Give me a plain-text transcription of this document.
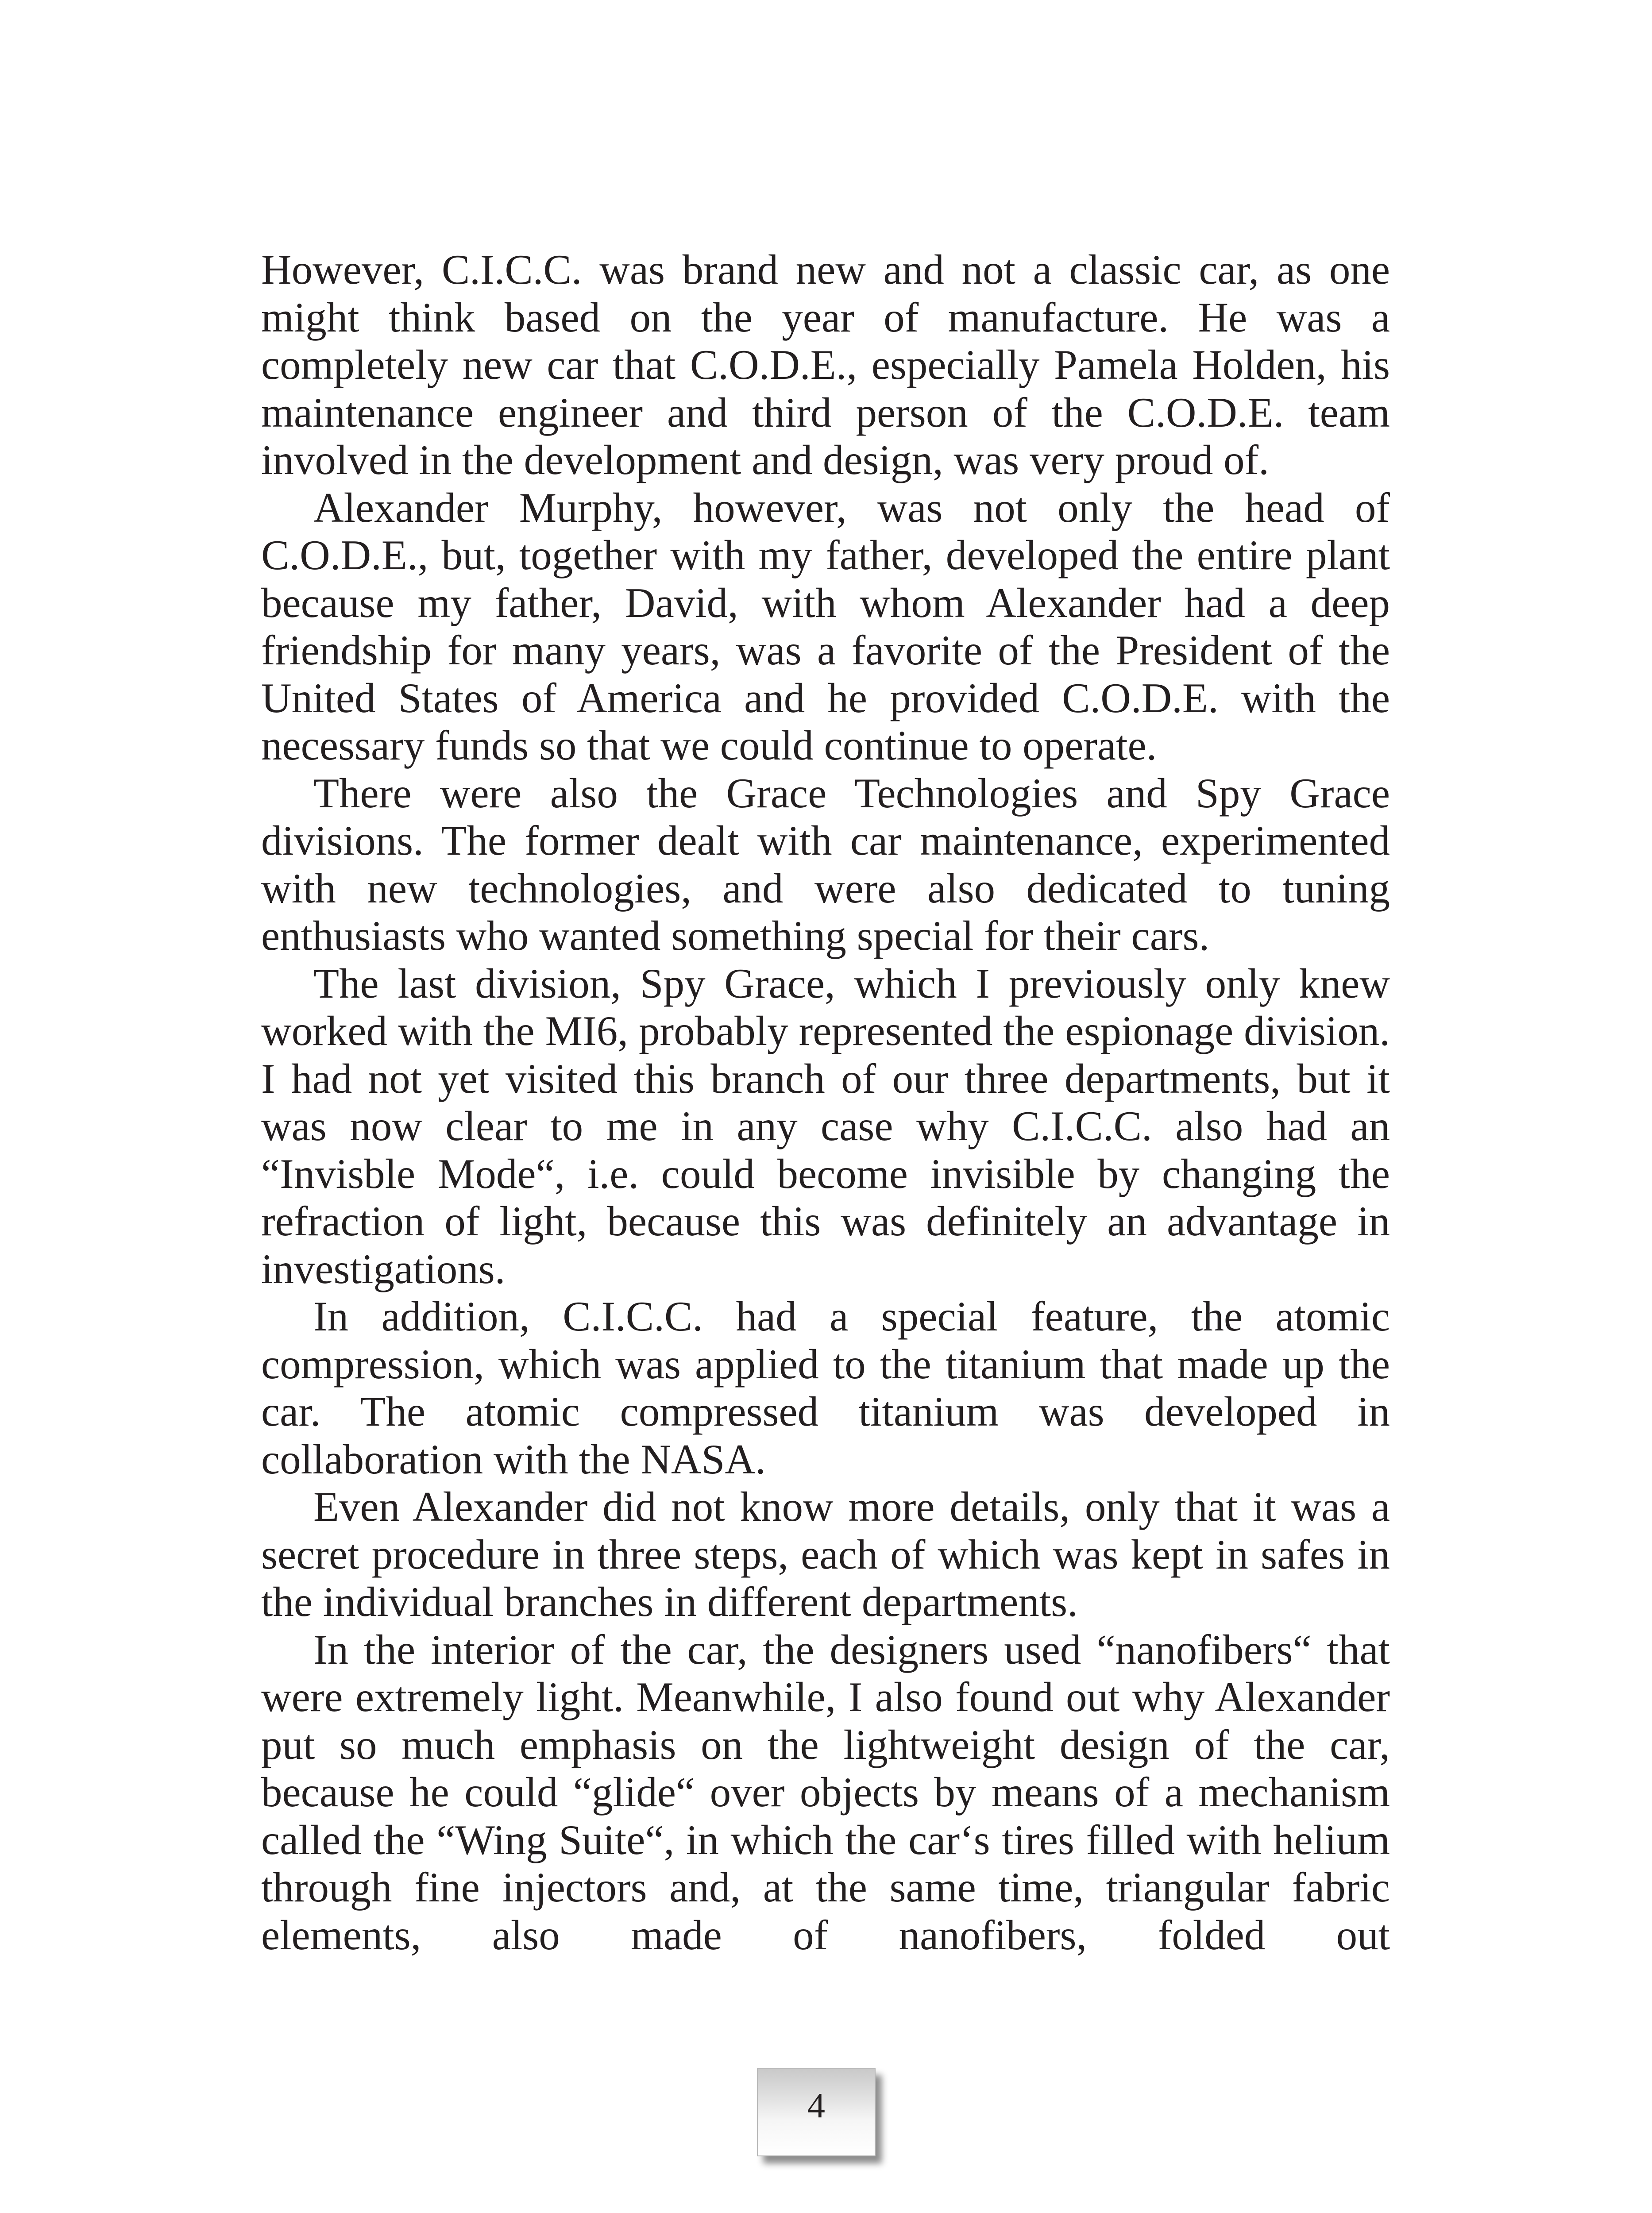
However, C.I.C.C. was brand new and not a classic car, as one might think based on the year of manufacture. He was a completely new car that C.O.D.E., especially Pamela Holden, his maintenance engineer and third person of the C.O.D.E. team involved in the development and design, was very proud of.

Alexander Murphy, however, was not only the head of C.O.D.E., but, together with my father, developed the entire plant because my father, David, with whom Alexander had a deep friendship for many years, was a favorite of the President of the United States of America and he provided C.O.D.E. with the necessary funds so that we could continue to operate.

There were also the Grace Technologies and Spy Grace divisions. The former dealt with car maintenance, experimented with new technologies, and were also dedicated to tuning enthusiasts who wanted something special for their cars.

The last division, Spy Grace, which I previously only knew worked with the MI6, probably represented the espionage division. I had not yet visited this branch of our three departments, but it was now clear to me in any case why C.I.C.C. also had an “Invisble Mode“, i.e. could become invisible by changing the refraction of light, because this was definitely an advantage in investigations.

In addition, C.I.C.C. had a special feature, the atomic compression, which was applied to the titanium that made up the car. The atomic compressed titanium was developed in collaboration with the NASA.

Even Alexander did not know more details, only that it was a secret procedure in three steps, each of which was kept in safes in the individual branches in different departments.

In the interior of the car, the designers used “nanofibers“ that were extremely light. Meanwhile, I also found out why Alexander put so much emphasis on the lightweight design of the car, because he could “glide“ over objects by means of a mechanism called the “Wing Suite“, in which the car‘s tires filled with helium through fine injectors and, at the same time, triangular fabric elements, also made of nanofibers, folded out

4
